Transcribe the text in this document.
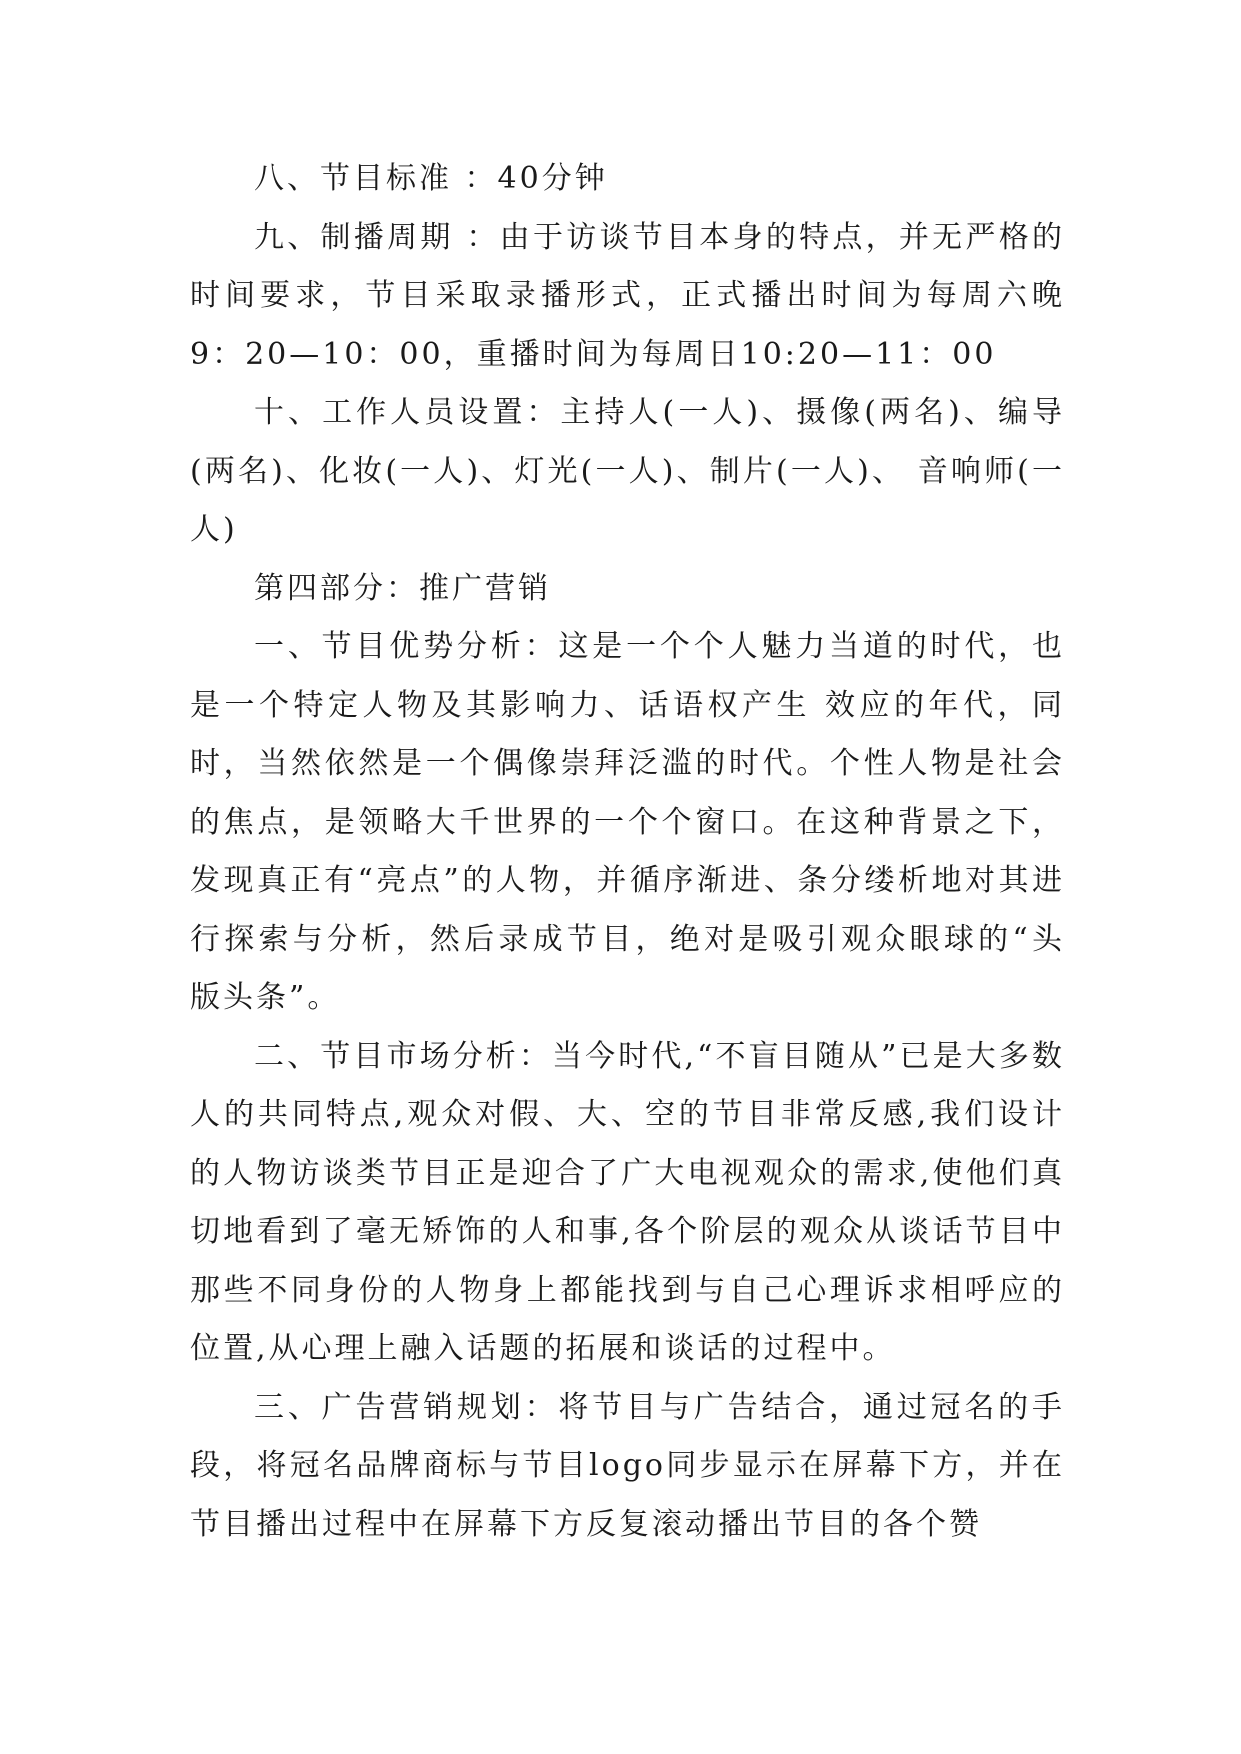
八、节目标准 ：40分钟

九、制播周期 ：由于访谈节目本身的特点，并无严格的时间要求，节目采取录播形式，正式播出时间为每周六晚9：20—10：00，重播时间为每周日10:20—11：00

十、工作人员设置：主持人(一人)、摄像(两名)、编导(两名)、化妆(一人)、灯光(一人)、制片(一人)、 音响师(一人)

第四部分：推广营销

一、节目优势分析：这是一个个人魅力当道的时代，也是一个特定人物及其影响力、话语权产生 效应的年代，同时，当然依然是一个偶像崇拜泛滥的时代。个性人物是社会的焦点，是领略大千世界的一个个窗口。在这种背景之下，发现真正有“亮点”的人物，并循序渐进、条分缕析地对其进行探索与分析，然后录成节目，绝对是吸引观众眼球的“头版头条”。

二、节目市场分析：当今时代,“不盲目随从”已是大多数人的共同特点,观众对假、大、空的节目非常反感,我们设计的人物访谈类节目正是迎合了广大电视观众的需求,使他们真切地看到了毫无矫饰的人和事,各个阶层的观众从谈话节目中那些不同身份的人物身上都能找到与自己心理诉求相呼应的位置,从心理上融入话题的拓展和谈话的过程中。

三、广告营销规划：将节目与广告结合，通过冠名的手段，将冠名品牌商标与节目logo同步显示在屏幕下方，并在节目播出过程中在屏幕下方反复滚动播出节目的各个赞
